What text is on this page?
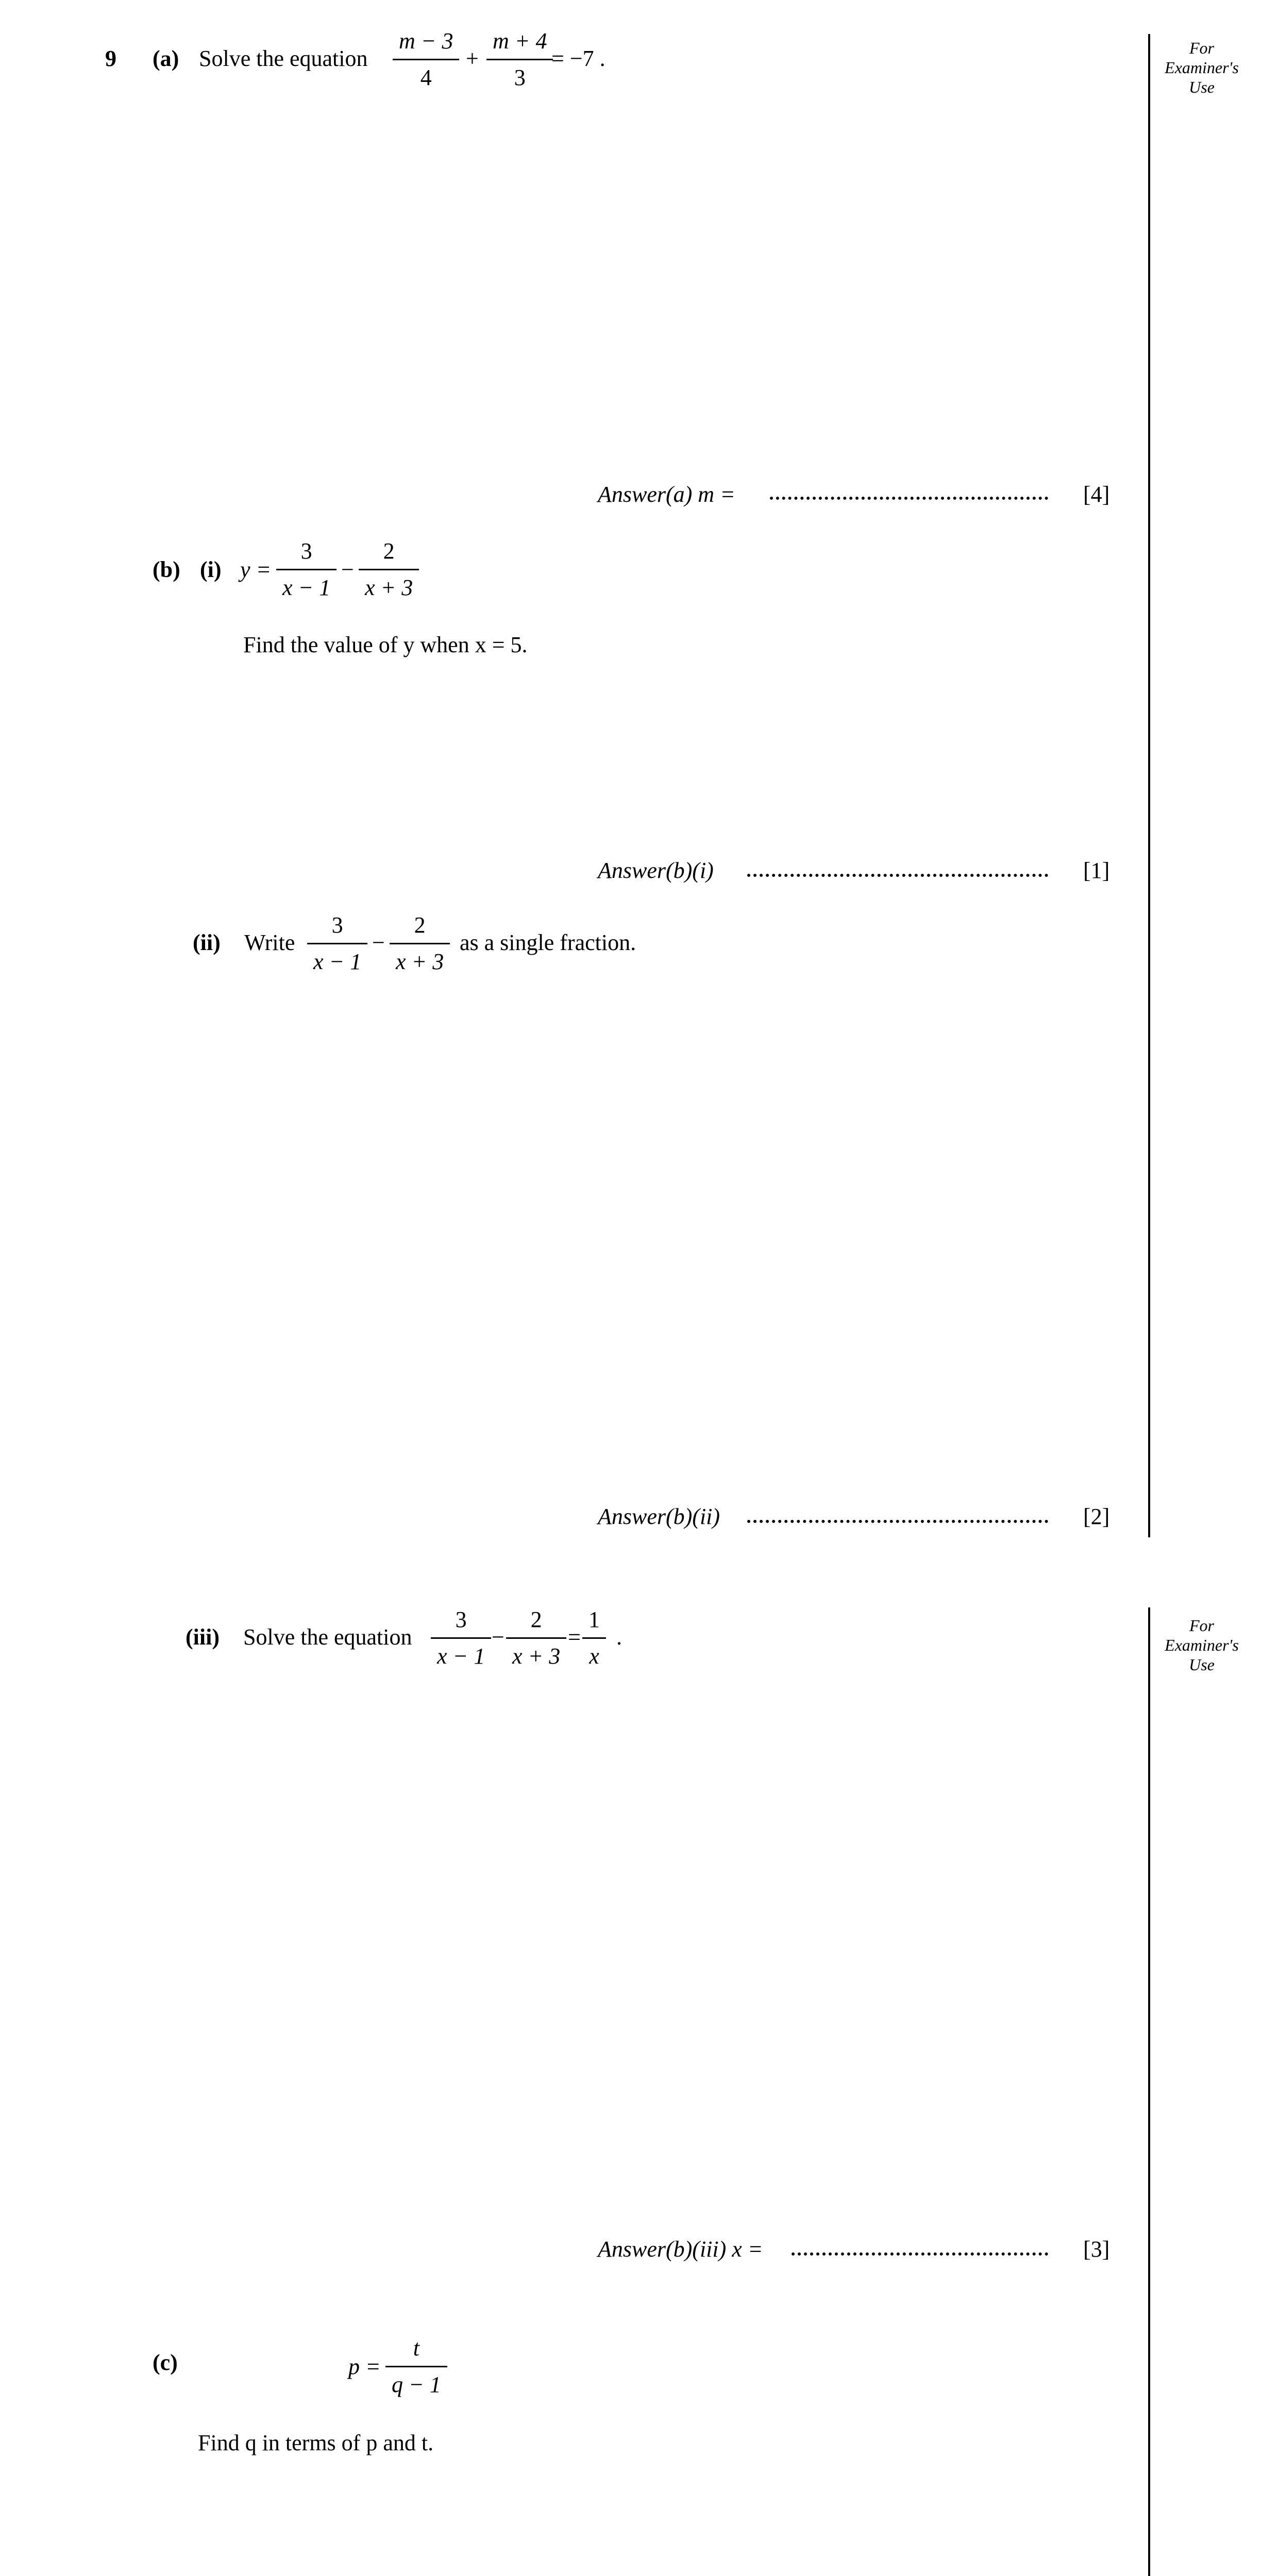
For
Examiner's
Use
For
Examiner's
Use
9 (a) Solve the equation
m − 3
4
+
m + 4
3
= −7 .
Answer(a) m =	[4]
(b) (i) y =
3
x − 1
−
2
x + 3
Find the value of y when x = 5.
Answer(b)(i)	[1]
(ii) Write
3
x − 1
−
2
x + 3
as a single fraction.
Answer(b)(ii)	[2]
(iii) Solve the equation
3
x − 1
−
2
x + 3
=
1
x
.
Answer(b)(iii) x =	[3]
(c)	p =
t
q − 1
Find q in terms of p and t.
